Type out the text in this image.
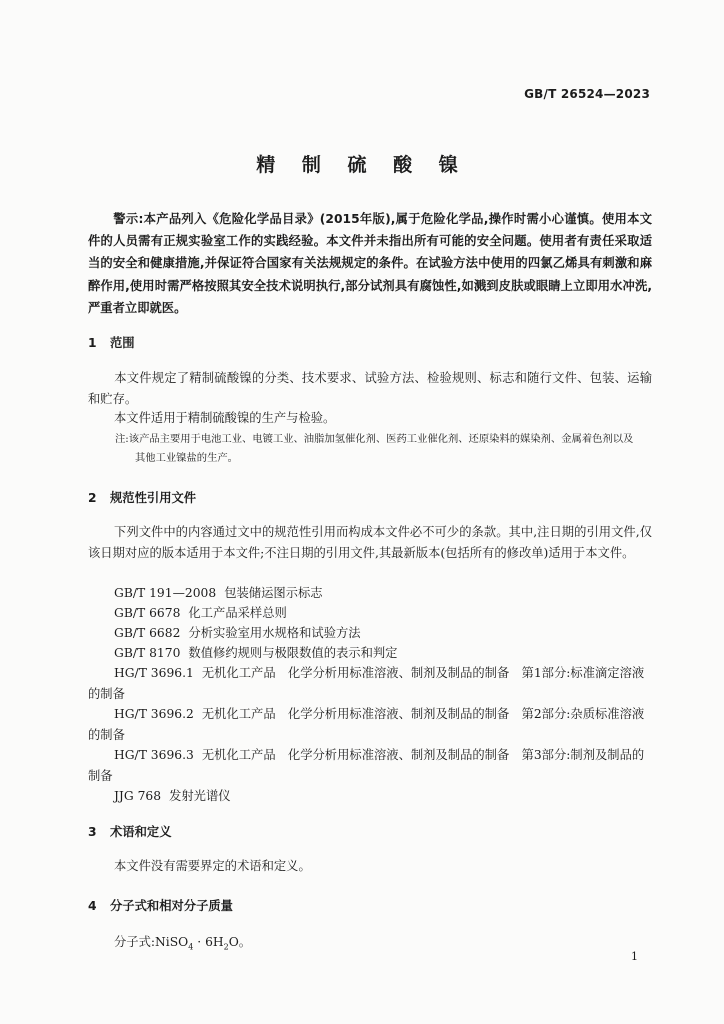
GB/T 26524—2023
精 制 硫 酸 镍
警示:本产品列入《危险化学品目录》(2015年版),属于危险化学品,操作时需小心谨慎。使用本文件的人员需有正规实验室工作的实践经验。本文件并未指出所有可能的安全问题。使用者有责任采取适当的安全和健康措施,并保证符合国家有关法规规定的条件。在试验方法中使用的四氯乙烯具有刺激和麻醉作用,使用时需严格按照其安全技术说明执行,部分试剂具有腐蚀性,如溅到皮肤或眼睛上立即用水冲洗,严重者立即就医。
1 范围
本文件规定了精制硫酸镍的分类、技术要求、试验方法、检验规则、标志和随行文件、包装、运输和贮存。
本文件适用于精制硫酸镍的生产与检验。
注:该产品主要用于电池工业、电镀工业、油脂加氢催化剂、医药工业催化剂、还原染料的媒染剂、金属着色剂以及
其他工业镍盐的生产。
2 规范性引用文件
下列文件中的内容通过文中的规范性引用而构成本文件必不可少的条款。其中,注日期的引用文件,仅该日期对应的版本适用于本文件;不注日期的引用文件,其最新版本(包括所有的修改单)适用于本文件。
GB/T 191—2008 包装储运图示标志
GB/T 6678 化工产品采样总则
GB/T 6682 分析实验室用水规格和试验方法
GB/T 8170 数值修约规则与极限数值的表示和判定
HG/T 3696.1 无机化工产品　化学分析用标准溶液、制剂及制品的制备　第1部分:标准滴定溶液的制备
HG/T 3696.2 无机化工产品　化学分析用标准溶液、制剂及制品的制备　第2部分:杂质标准溶液的制备
HG/T 3696.3 无机化工产品　化学分析用标准溶液、制剂及制品的制备　第3部分:制剂及制品的制备
JJG 768 发射光谱仪
3 术语和定义
本文件没有需要界定的术语和定义。
4 分子式和相对分子质量
分子式:NiSO$_4$ · $6H_2O$。
1
